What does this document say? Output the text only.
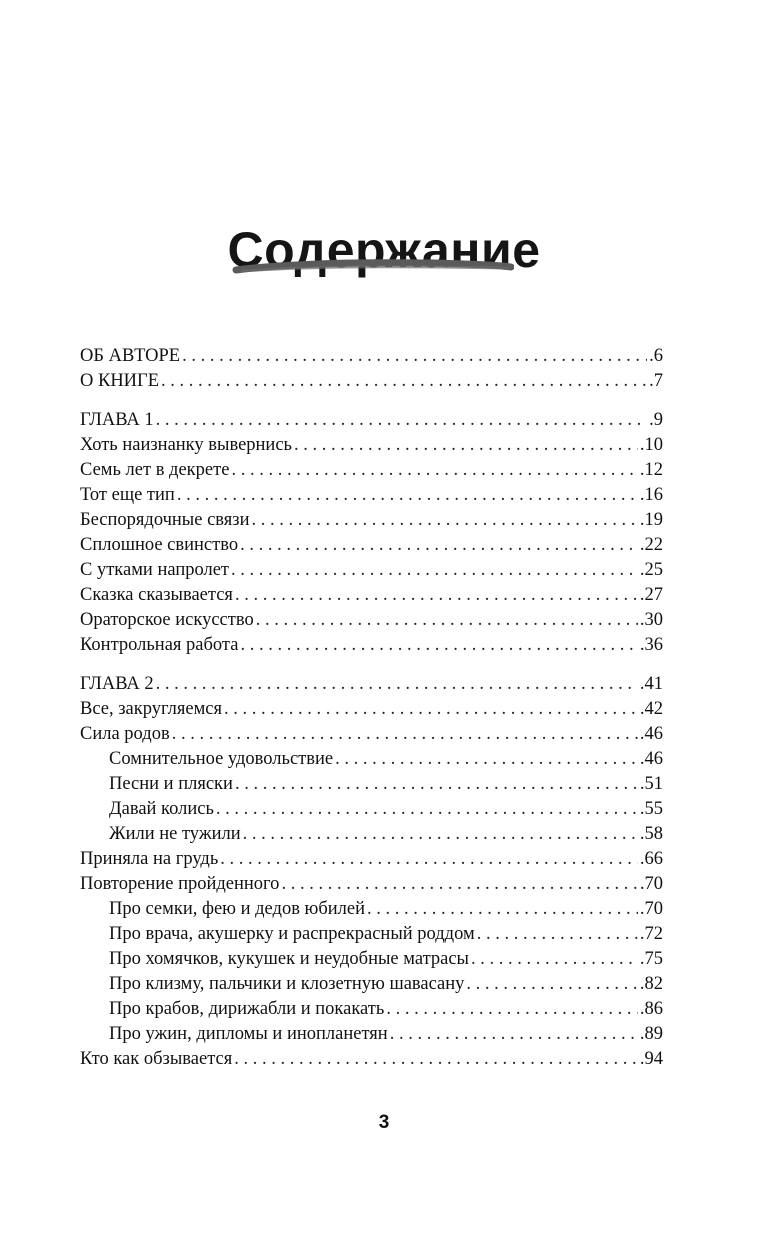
Содержание
ОБ АВТОРЕ . . .	.6
О КНИГЕ . . .	.7
ГЛАВА 1 . . .	.9
Хоть наизнанку вывернись . . .	.10
Семь лет в декрете . . .	.12
Тот еще тип . . .	.16
Беспорядочные связи . . .	.19
Сплошное свинство . . .	.22
С утками напролет . . .	.25
Сказка сказывается . . .	.27
Ораторское искусство . . .	.30
Контрольная работа . . .	.36
ГЛАВА 2 . . .	.41
Все, закругляемся . . .	.42
Сила родов . . .	.46
Сомнительное удовольствие . . .	.46
Песни и пляски . . .	.51
Давай колись . . .	.55
Жили не тужили . . .	.58
Приняла на грудь . . .	.66
Повторение пройденного . . .	.70
Про семки, фею и дедов юбилей . . .	.70
Про врача, акушерку и распрекрасный роддом . . .	.72
Про хомячков, кукушек и неудобные матрасы . . .	.75
Про клизму, пальчики и клозетную шавасану . . .	.82
Про крабов, дирижабли и покакать . . .	.86
Про ужин, дипломы и инопланетян . . .	.89
Кто как обзывается . . .	.94
3
